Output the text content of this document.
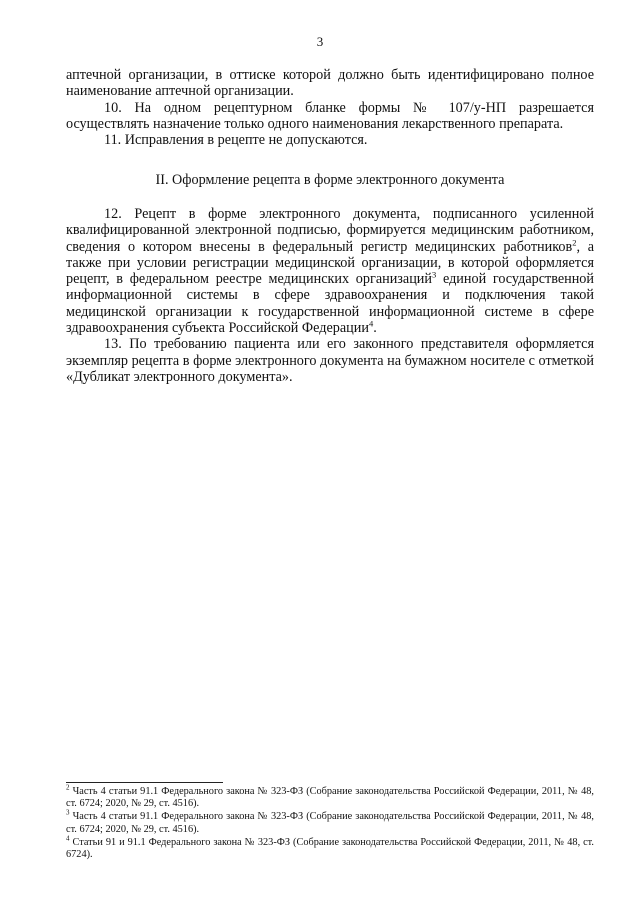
3

аптечной организации, в оттиске которой должно быть идентифицировано полное наименование аптечной организации.

10. На одном рецептурном бланке формы № 107/у-НП разрешается осуществлять назначение только одного наименования лекарственного препарата.

11. Исправления в рецепте не допускаются.

II. Оформление рецепта в форме электронного документа

12. Рецепт в форме электронного документа, подписанного усиленной квалифицированной электронной подписью, формируется медицинским работником, сведения о котором внесены в федеральный регистр медицинских работников$^2$, а также при условии регистрации медицинской организации, в которой оформляется рецепт, в федеральном реестре медицинских организаций$^3$ единой государственной информационной системы в сфере здравоохранения и подключения такой медицинской организации к государственной информационной системе в сфере здравоохранения субъекта Российской Федерации$^4$.

13. По требованию пациента или его законного представителя оформляется экземпляр рецепта в форме электронного документа на бумажном носителе с отметкой «Дубликат электронного документа».

$^2$ Часть 4 статьи 91.1 Федерального закона № 323-ФЗ (Собрание законодательства Российской Федерации, 2011, № 48, ст. 6724; 2020, № 29, ст. 4516).

$^3$ Часть 4 статьи 91.1 Федерального закона № 323-ФЗ (Собрание законодательства Российской Федерации, 2011, № 48, ст. 6724; 2020, № 29, ст. 4516).

$^4$ Статьи 91 и 91.1 Федерального закона № 323-ФЗ (Собрание законодательства Российской Федерации, 2011, № 48, ст. 6724).
